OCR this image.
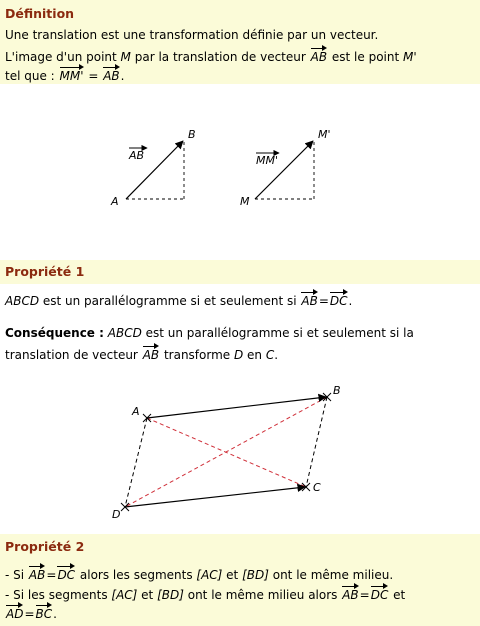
Définition
Une translation est une transformation définie par un vecteur.
L'image d'un point M par la translation de vecteur AB est le point M'
tel que : MM' = AB.
A
B
AB
M
M'
MM'
A
B
C
D
Propriété 1
ABCD est un parallélogramme si et seulement si AB=DC.
Conséquence : ABCD est un parallélogramme si et seulement si la
translation de vecteur AB transforme D en C.
Propriété 2
- Si AB=DC alors les segments [AC] et [BD] ont le même milieu.
- Si les segments [AC] et [BD] ont le même milieu alors AB=DC et
AD=BC.
